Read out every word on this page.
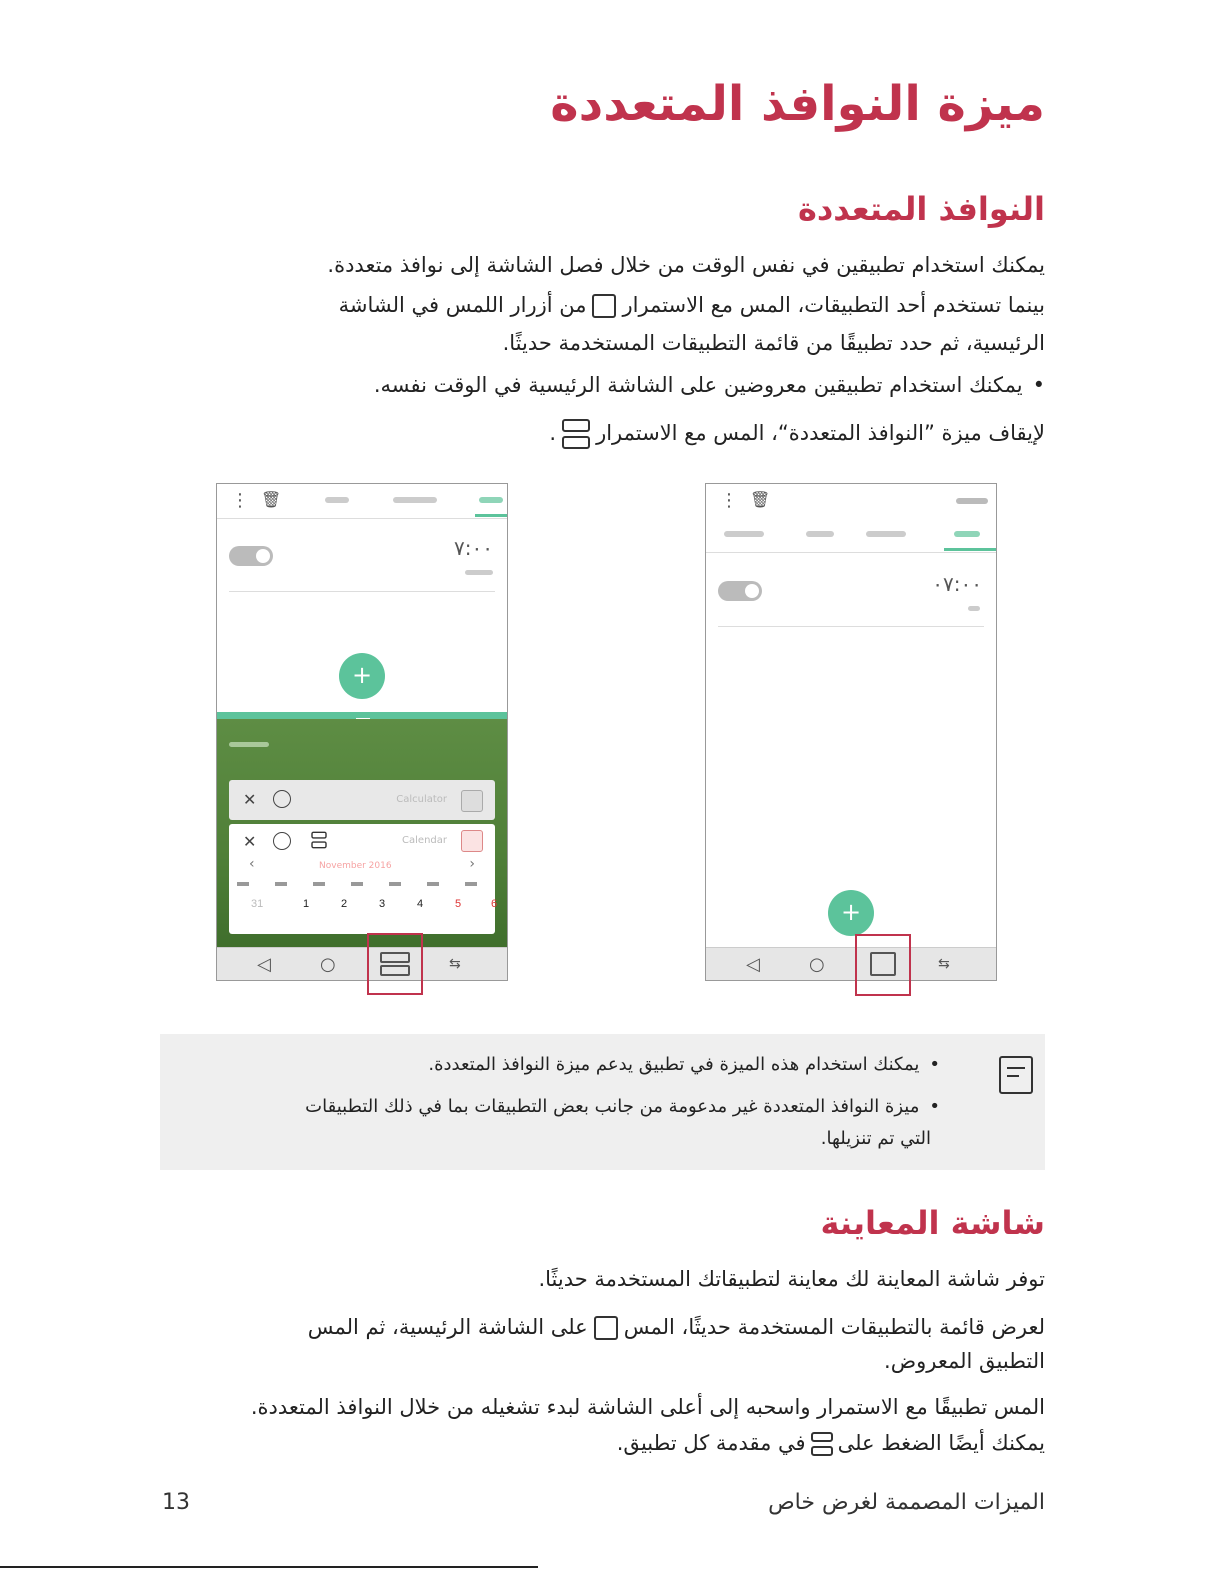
ميزة النوافذ المتعددة
النوافذ المتعددة
يمكنك استخدام تطبيقين في نفس الوقت من خلال فصل الشاشة إلى نوافذ متعددة.
بينما تستخدم أحد التطبيقات، المس مع الاستمرارمن أزرار اللمس في الشاشة
الرئيسية، ثم حدد تطبيقًا من قائمة التطبيقات المستخدمة حديثًا.
•يمكنك استخدام تطبيقين معروضين على الشاشة الرئيسية في الوقت نفسه.
لإيقاف ميزة ”النوافذ المتعددة“، المس مع الاستمرار.
⋮ 🗑
٧:٠٠
+
✕	Calculator
✕	Calendar
‹	›
November 2016
31	1	2	3	4	5	6
◁	○	⇆
⋮ 🗑
٠٧:٠٠
+
◁	○	⇆
•يمكنك استخدام هذه الميزة في تطبيق يدعم ميزة النوافذ المتعددة.
•ميزة النوافذ المتعددة غير مدعومة من جانب بعض التطبيقات بما في ذلك التطبيقات
التي تم تنزيلها.
شاشة المعاينة
توفر شاشة المعاينة لك معاينة لتطبيقاتك المستخدمة حديثًا.
لعرض قائمة بالتطبيقات المستخدمة حديثًا، المسعلى الشاشة الرئيسية، ثم المس
التطبيق المعروض.
المس تطبيقًا مع الاستمرار واسحبه إلى أعلى الشاشة لبدء تشغيله من خلال النوافذ المتعددة.
يمكنك أيضًا الضغط علىفي مقدمة كل تطبيق.
13	الميزات المصممة لغرض خاص
